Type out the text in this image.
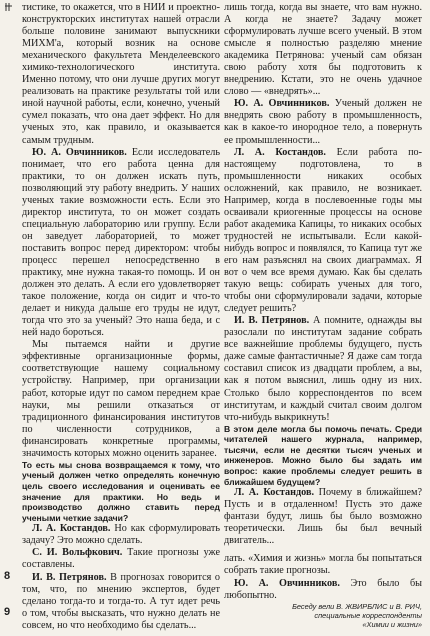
8
9

тистике, то окажется, что в НИИ и проектно-конструкторских институтах нашей отрасли больше половине занимают выпускники МИХМ'а, который возник на основе механического факультета Менделеевского химико-технологического института. Именно потому, что они лучше других могут реализовать на практике результаты той или иной научной работы, если, конечно, ученый сумел показать, что она дает эффект. Но для ученых это, как правило, и оказывается самым трудным.

Ю. А. Овчинников. Если исследователь понимает, что его работа ценна для практики, то он должен искать путь, позволяющий эту работу внедрить. У наших ученых такие возможности есть. Если это директор института, то он может создать специальную лабораторию или группу. Если он заведует лабораторией, то может поставить вопрос перед директором: чтобы процесс перешел непосредственно в практику, мне нужна такая-то помощь. И он должен это делать. А если его удовлетворяет такое положение, когда он сидит и что-то делает и никуда дальше его труды не идут, тогда что это за ученый? Это наша беда, и с ней надо бороться.

Мы пытаемся найти и другие эффективные организационные формы, соответствующие нашему социальному устройству. Например, при организации работ, которые идут по самом переднем крае науки, мы решили отказаться от традиционного финансирования институтов по численности сотрудников, а финансировать конкретные программы, значимость которых можно оценить заранее.

То есть мы снова возвращаемся к тому, что ученый должен четко определять конечную цель своего исследования и оценивать ее значение для практики. Но ведь и производство должно ставить перед учеными четкие задачи?

Л. А. Костандов. Но как сформулировать задачу? Это можно сделать.

С. И. Вольфкович. Такие прогнозы уже составлены.

И. В. Петрянов. В прогнозах говорится о том, что, по мнению экспертов, будет сделано тогда-то и тогда-то. А тут идет речь о том, чтобы высказать, что нужно делать не совсем, но что необходимо бы сделать...

лишь тогда, когда вы знаете, что вам нужно. А когда не знаете? Задачу может сформулировать лучше всего ученый. В этом смысле я полностью разделяю мнение академика Петрянова: ученый сам обязан свою работу хотя бы подготовить к внедрению. Кстати, это не очень удачное слово — «внедрять»...

Ю. А. Овчинников. Ученый должен не внедрять свою работу в промышленность, как в какое-то инородное тело, а повернуть ее промышленности...

Л. А. Костандов. Если работа по-настоящему подготовлена, то в промышленности никаких особых осложнений, как правило, не возникает. Например, когда в послевоенные годы мы осваивали криогенные процессы на основе работ академика Капицы, то никаких особых трудностей не испытывали. Если какой-нибудь вопрос и появлялся, то Капица тут же его нам разъяснял на своих диаграммах. Я вот о чем все время думаю. Как бы сделать такую вещь: собирать ученых для того, чтобы они сформулировали задачи, которые следует решить?

И. В. Петрянов. А помните, однажды вы разослали по институтам задание собрать все важнейшие проблемы будущего, пусть даже самые фантастичные? Я даже сам тогда составил список из двадцати проблем, а вы, как я потом выяснил, лишь одну из них. Столько было корреспондентов по всем институтам, и каждый считал своим долгом что-нибудь выкрикнуть!

В этом деле могла бы помочь печать. Среди читателей нашего журнала, например, тысячи, если не десятки тысяч ученых и инженеров. Можно было бы задать им вопрос: какие проблемы следует решить в ближайшем будущем?

Л. А. Костандов. Почему в ближайшем? Пусть и в отдаленном! Пусть это даже фантази будут, лишь бы было возможно теоретически. Лишь бы был вечный двигатель...

лать. «Химия и жизнь» могла бы попытаться собрать такие прогнозы.

Ю. А. Овчинников. Это было бы любопытно.

Беседу вели В. ЖВИРБЛИС и В. РИЧ,
специальные корреспонденты
«Химии и жизни»
